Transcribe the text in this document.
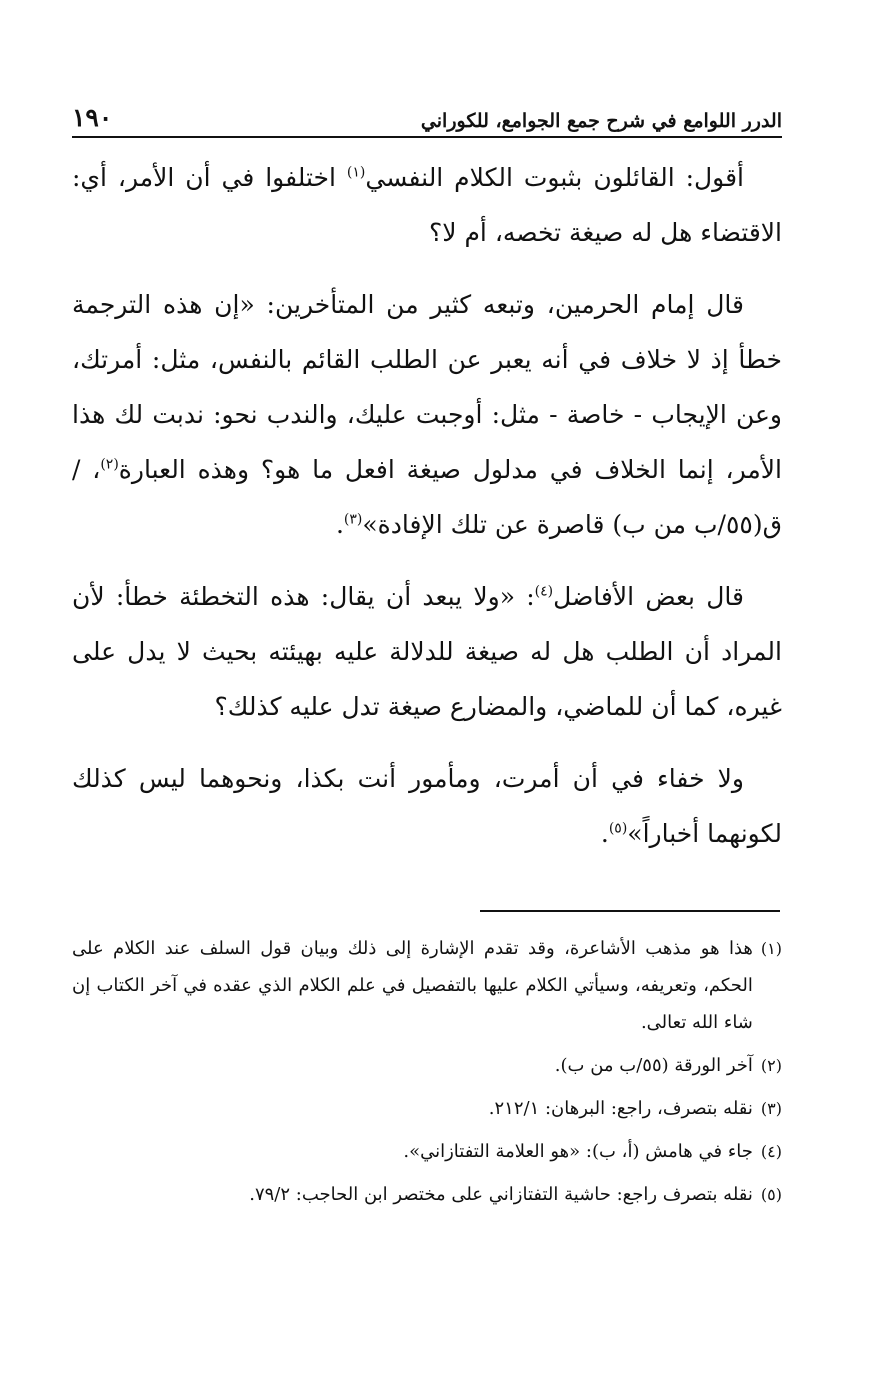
الدرر اللوامع في شرح جمع الجوامع، للكوراني
١٩٠

أقول: القائلون بثبوت الكلام النفسي$^{(١)}$ اختلفوا في أن الأمر، أي: الاقتضاء هل له صيغة تخصه، أم لا؟

قال إمام الحرمين، وتبعه كثير من المتأخرين: «إن هذه الترجمة خطأ إذ لا خلاف في أنه يعبر عن الطلب القائم بالنفس، مثل: أمرتك، وعن الإيجاب - خاصة - مثل: أوجبت عليك، والندب نحو: ندبت لك هذا الأمر، إنما الخلاف في مدلول صيغة افعل ما هو؟ وهذه العبارة$^{(٢)}$، / ق(٥٥/ب من ب) قاصرة عن تلك الإفادة»$^{(٣)}$.

قال بعض الأفاضل$^{(٤)}$: «ولا يبعد أن يقال: هذه التخطئة خطأ: لأن المراد أن الطلب هل له صيغة للدلالة عليه بهيئته بحيث لا يدل على غيره، كما أن للماضي، والمضارع صيغة تدل عليه كذلك؟

ولا خفاء في أن أمرت، ومأمور أنت بكذا، ونحوهما ليس كذلك لكونهما أخباراً»$^{(٥)}$.

(١)
هذا هو مذهب الأشاعرة، وقد تقدم الإشارة إلى ذلك وبيان قول السلف عند الكلام على الحكم، وتعريفه، وسيأتي الكلام عليها بالتفصيل في علم الكلام الذي عقده في آخر الكتاب إن شاء الله تعالى.
(٢)
آخر الورقة (٥٥/ب من ب).
(٣)
نقله بتصرف، راجع: البرهان: ٢١٢/١.
(٤)
جاء في هامش (أ، ب): «هو العلامة التفتازاني».
(٥)
نقله بتصرف راجع: حاشية التفتازاني على مختصر ابن الحاجب: ٧٩/٢.
